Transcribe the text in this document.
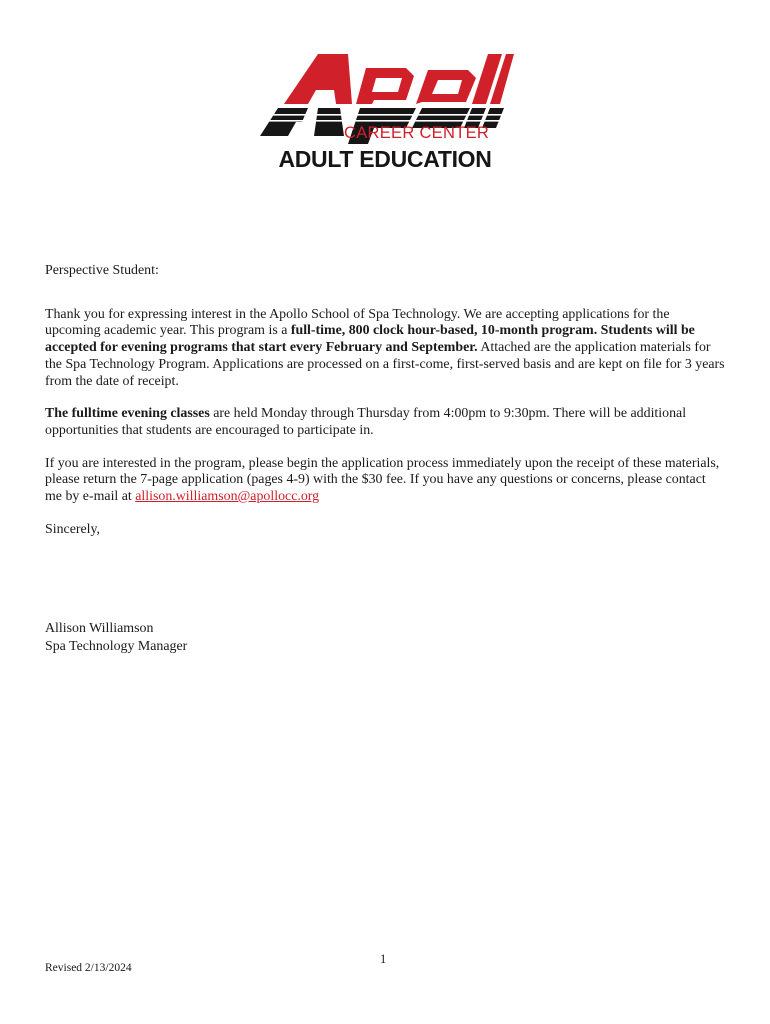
CAREER CENTER
ADULT EDUCATION

Perspective Student:

Thank you for expressing interest in the Apollo School of Spa Technology. We are accepting applications for the upcoming academic year. This program is a full-time, 800 clock hour-based, 10-month program. Students will be accepted for evening programs that start every February and September. Attached are the application materials for the Spa Technology Program. Applications are processed on a first-come, first-served basis and are kept on file for 3 years from the date of receipt.

The fulltime evening classes are held Monday through Thursday from 4:00pm to 9:30pm. There will be additional opportunities that students are encouraged to participate in.

If you are interested in the program, please begin the application process immediately upon the receipt of these materials, please return the 7-page application (pages 4-9) with the $30 fee. If you have any questions or concerns, please contact me by e-mail at allison.williamson@apollocc.org

Sincerely,

Allison Williamson
Spa Technology Manager
1
Revised 2/13/2024
